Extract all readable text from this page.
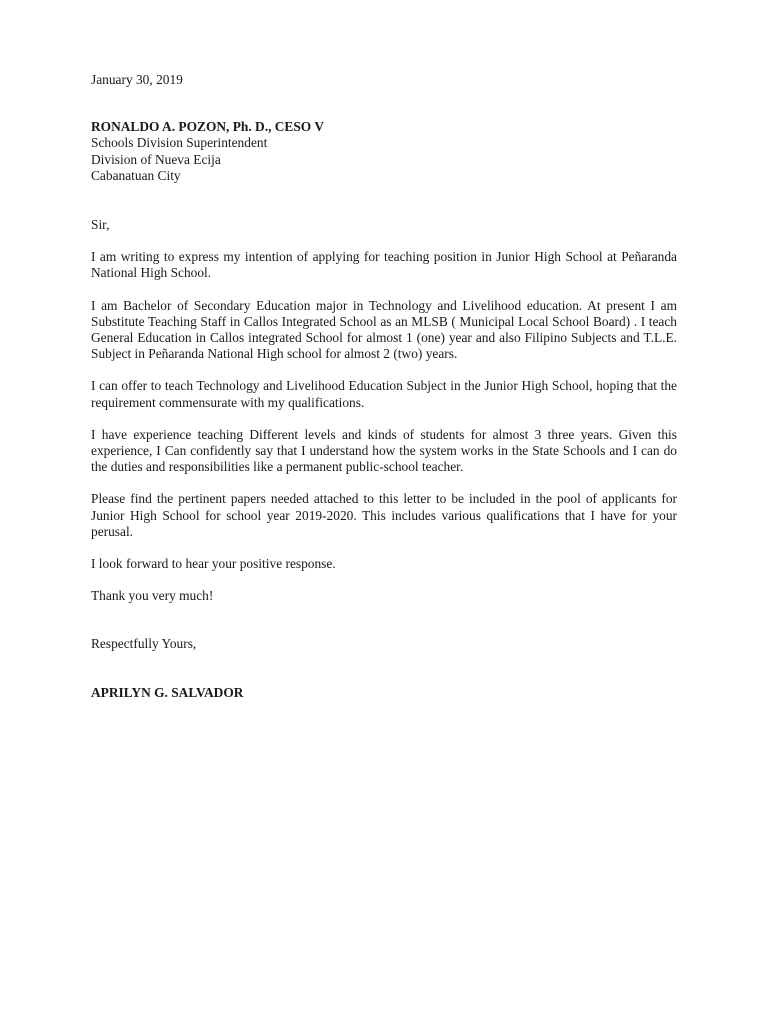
January 30, 2019

RONALDO A. POZON, Ph. D., CESO V
Schools Division Superintendent
Division of Nueva Ecija
Cabanatuan City

Sir,

I am writing to express my intention of applying for teaching position in Junior High School at Peñaranda National High School.

I am Bachelor of Secondary Education major in Technology and Livelihood education. At present I am Substitute Teaching Staff in Callos Integrated School as an MLSB ( Municipal Local School Board) . I teach General Education in Callos integrated School for almost 1 (one) year and also Filipino Subjects and T.L.E. Subject in Peñaranda National High school for almost 2 (two) years.

I can offer to teach Technology and Livelihood Education Subject in the Junior High School, hoping that the requirement commensurate with my qualifications.

I have experience teaching Different levels and kinds of students for almost 3 three years. Given this experience, I Can confidently say that I understand how the system works in the State Schools and I can do the duties and responsibilities like a permanent public-school teacher.

Please find the pertinent papers needed attached to this letter to be included in the pool of applicants for Junior High School for school year 2019-2020. This includes various qualifications that I have for your perusal.

I look forward to hear your positive response.

Thank you very much!

Respectfully Yours,

APRILYN G. SALVADOR
